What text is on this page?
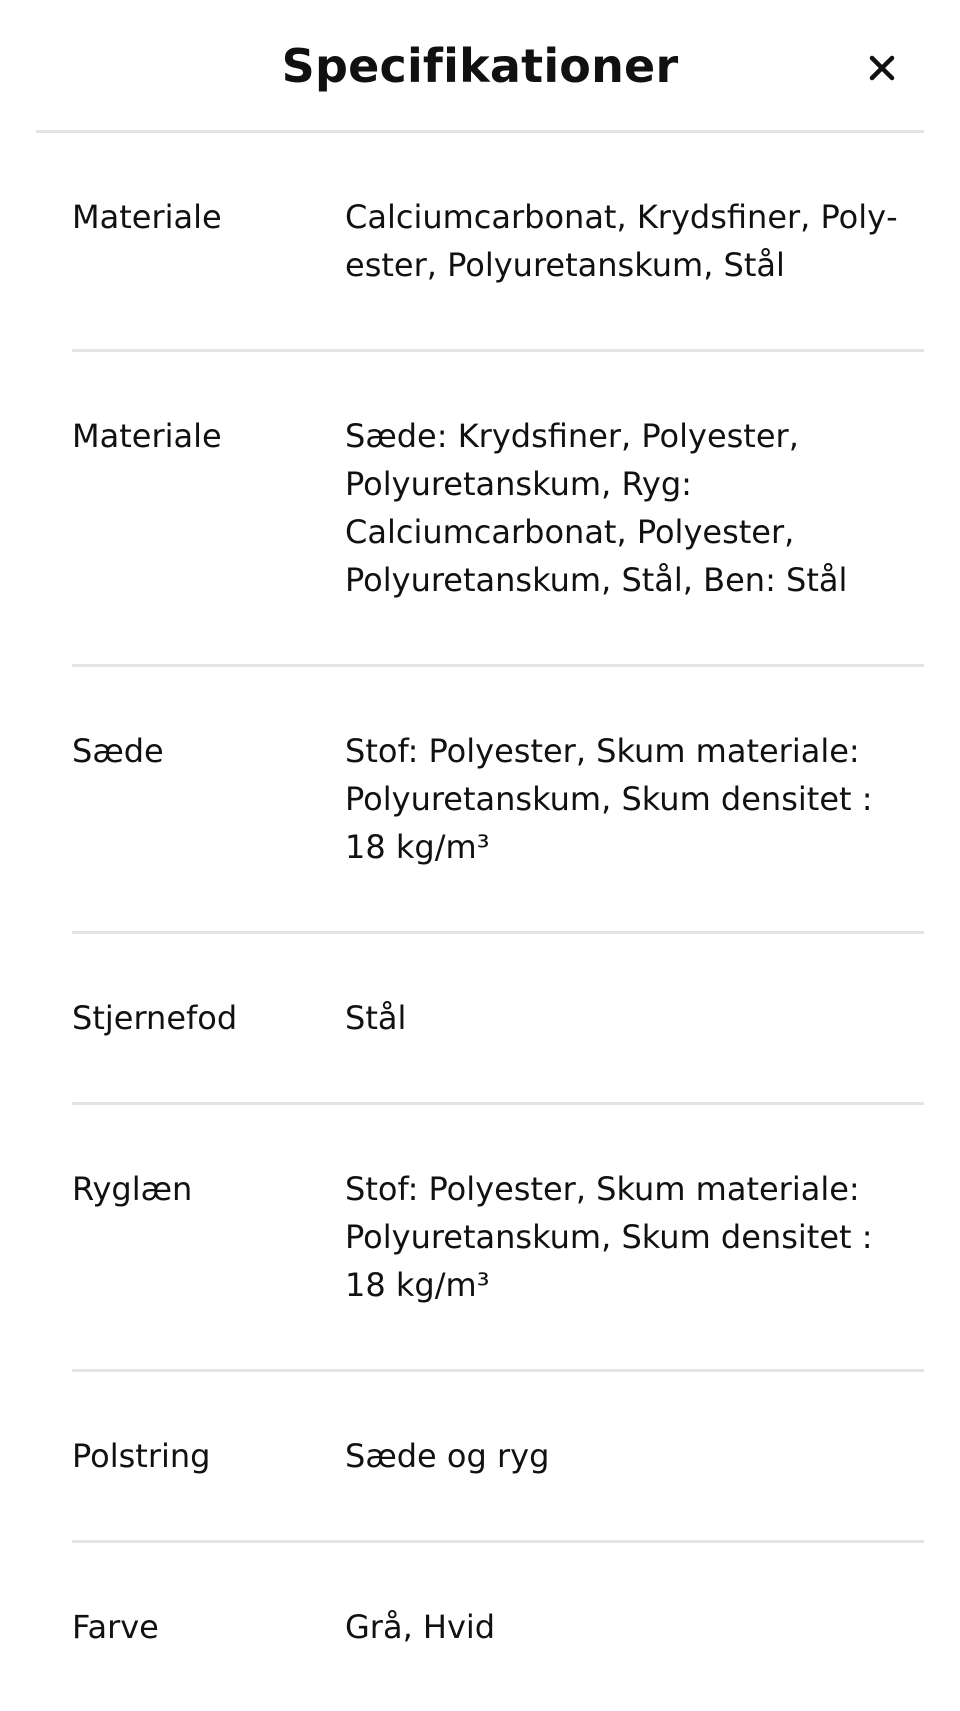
Specifikationer
Materiale	Calciumcarbonat, Krydsfiner, Polyester, Polyuretanskum, Stål
Materiale	Sæde: Krydsfiner, Polyester, Polyuretanskum, Ryg: Calciumcarbonat, Polyester, Polyuretanskum, Stål, Ben: Stål
Sæde	Stof: Polyester, Skum materiale: Polyuretanskum, Skum densitet : 18 kg/m³
Stjernefod	Stål
Ryglæn	Stof: Polyester, Skum materiale: Polyuretanskum, Skum densitet : 18 kg/m³
Polstring	Sæde og ryg
Farve	Grå, Hvid
